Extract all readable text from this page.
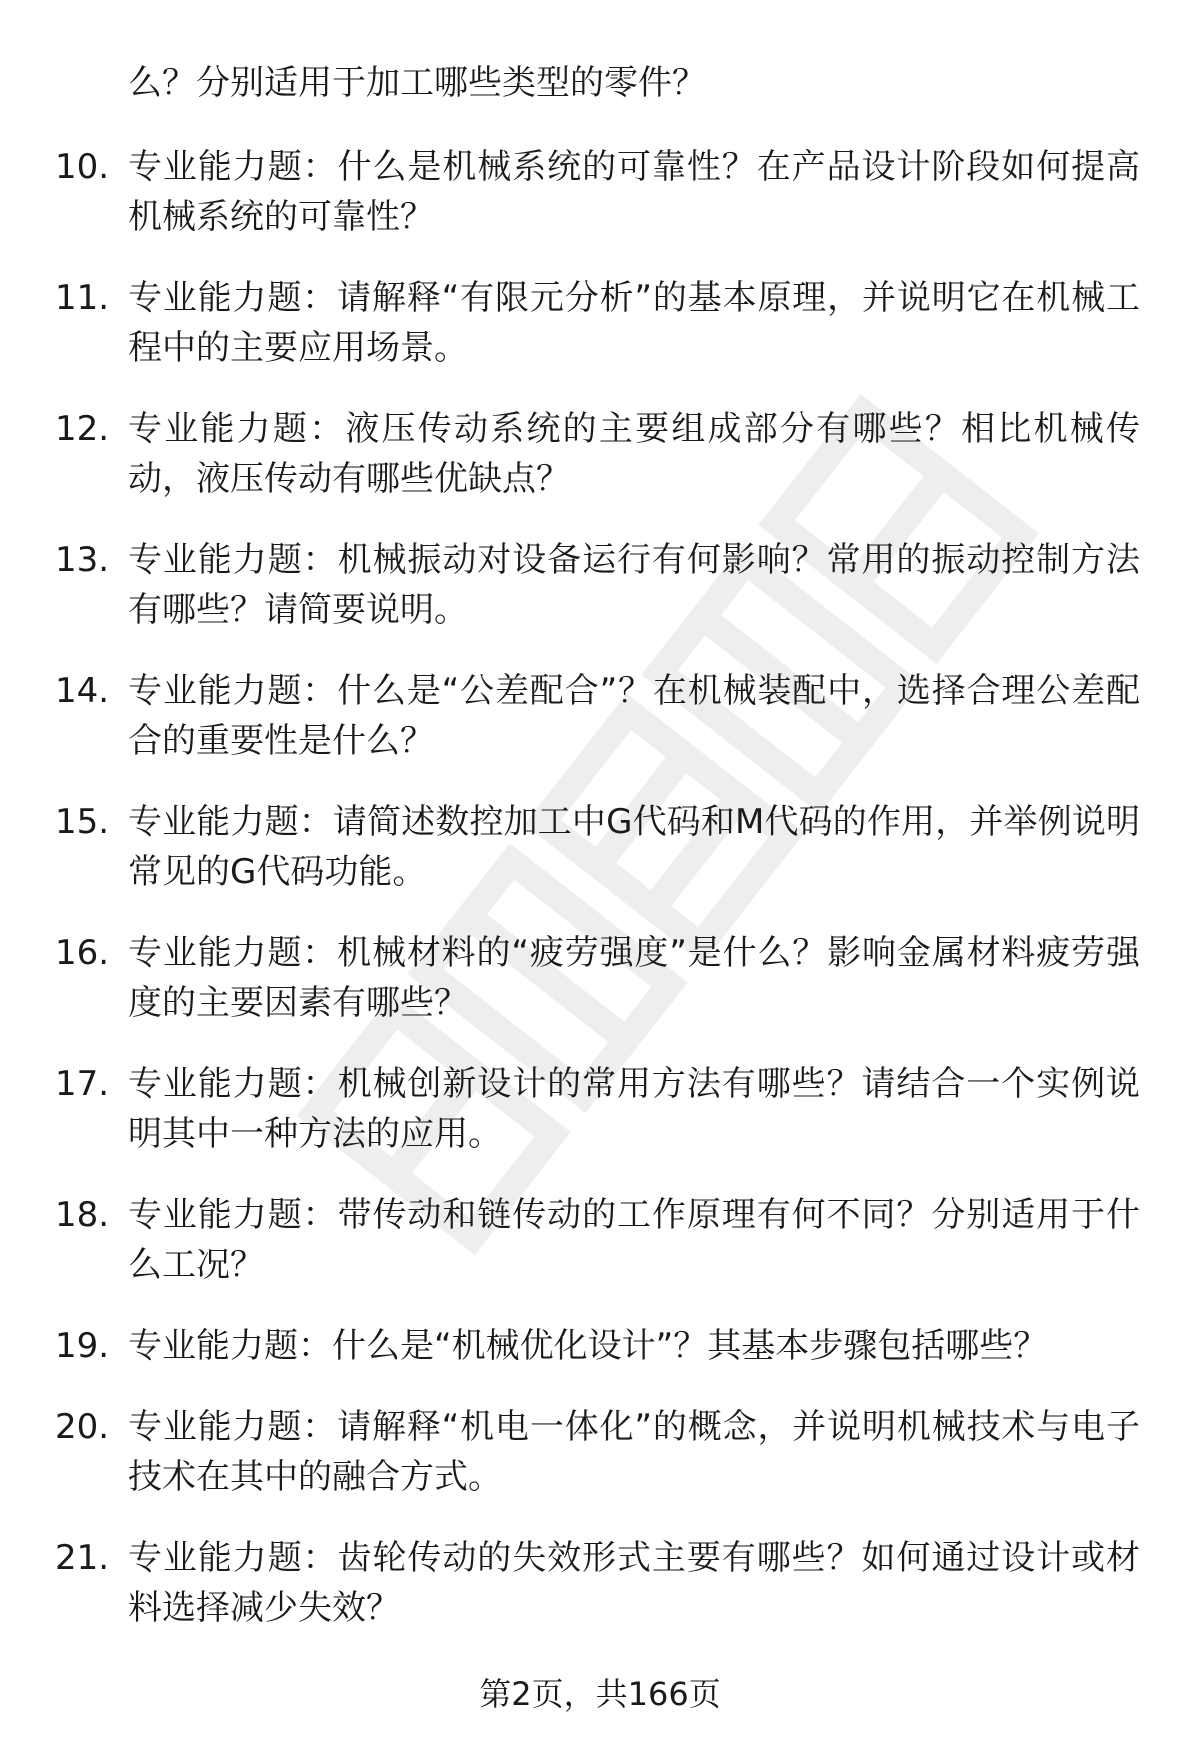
么？分别适用于加工哪些类型的零件？
10. 专业能力题：什么是机械系统的可靠性？在产品设计阶段如何提高机械系统的可靠性？
11. 专业能力题：请解释“有限元分析”的基本原理，并说明它在机械工程中的主要应用场景。
12. 专业能力题：液压传动系统的主要组成部分有哪些？相比机械传动，液压传动有哪些优缺点？
13. 专业能力题：机械振动对设备运行有何影响？常用的振动控制方法有哪些？请简要说明。
14. 专业能力题：什么是“公差配合”？在机械装配中，选择合理公差配合的重要性是什么？
15. 专业能力题：请简述数控加工中G代码和M代码的作用，并举例说明常见的G代码功能。
16. 专业能力题：机械材料的“疲劳强度”是什么？影响金属材料疲劳强度的主要因素有哪些？
17. 专业能力题：机械创新设计的常用方法有哪些？请结合一个实例说明其中一种方法的应用。
18. 专业能力题：带传动和链传动的工作原理有何不同？分别适用于什么工况？
19. 专业能力题：什么是“机械优化设计”？其基本步骤包括哪些？
20. 专业能力题：请解释“机电一体化”的概念，并说明机械技术与电子技术在其中的融合方式。
21. 专业能力题：齿轮传动的失效形式主要有哪些？如何通过设计或材料选择减少失效？
第2页，共166页
